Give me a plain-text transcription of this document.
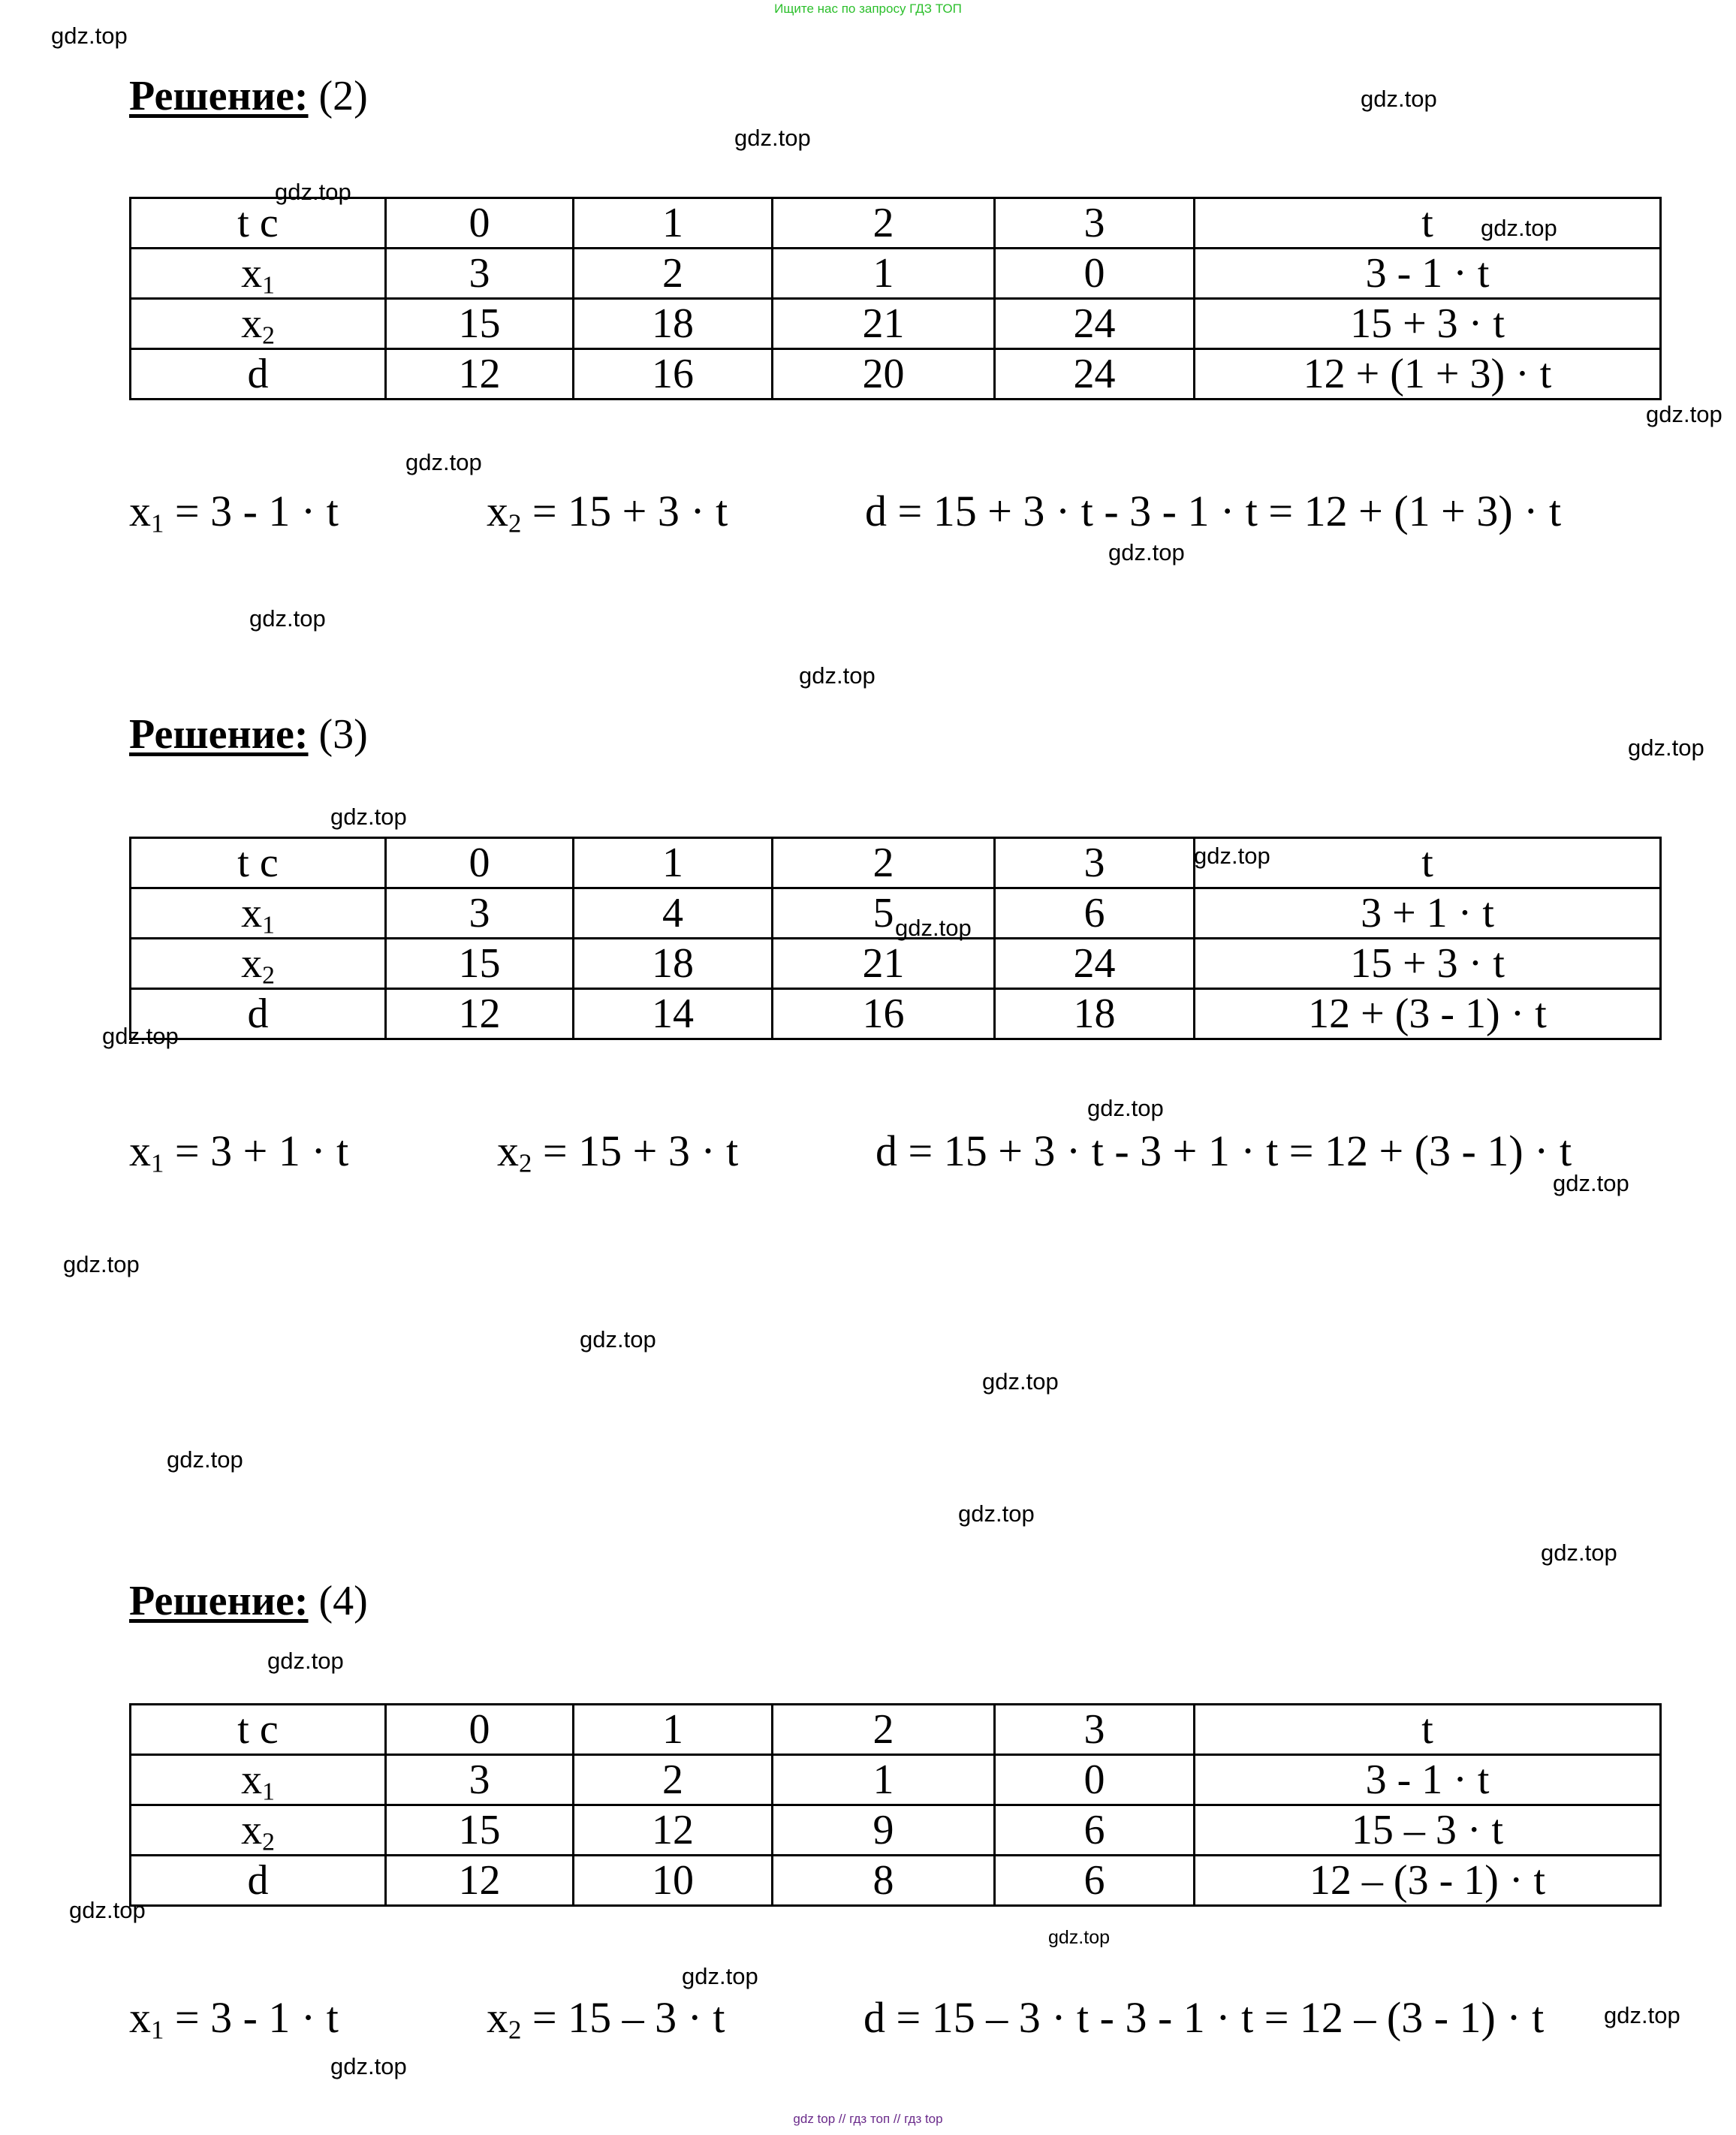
Ищите нас по запросу ГДЗ ТОП
gdz.top
gdz.top
gdz.top
gdz.top
gdz.top
gdz.top
gdz.top
gdz.top
gdz.top
gdz.top
gdz.top
gdz.top
gdz.top
gdz.top
gdz.top
gdz.top
gdz.top
gdz.top
gdz.top
gdz.top
gdz.top
gdz.top
gdz.top
gdz.top
gdz.top
gdz.top
gdz.top
gdz.top
gdz.top
Решение: (2)
t c	0	1	2	3	t
$x_1$	3	2	1	0	3 - 1 · t
$x_2$	15	18	21	24	15 + 3 · t
d	12	16	20	24	12 + (1 + 3) · t
$x_1 = 3 - 1 \cdot t$	$x_2 = 15 + 3 \cdot t$	d = 15 + 3 · t - 3 - 1 · t = 12 + (1 + 3) · t
Решение: (3)
t c	0	1	2	3	t
$x_1$	3	4	5	6	3 + 1 · t
$x_2$	15	18	21	24	15 + 3 · t
d	12	14	16	18	12 + (3 - 1) · t
$x_1 = 3 + 1 \cdot t$	$x_2 = 15 + 3 \cdot t$	d = 15 + 3 · t - 3 + 1 · t = 12 + (3 - 1) · t
Решение: (4)
t c	0	1	2	3	t
$x_1$	3	2	1	0	3 - 1 · t
$x_2$	15	12	9	6	15 – 3 · t
d	12	10	8	6	12 – (3 - 1) · t
$x_1 = 3 - 1 \cdot t$	$x_2 = 15 - 3 \cdot t$	d = 15 – 3 · t - 3 - 1 · t = 12 – (3 - 1) · t
gdz top // гдз топ // гдз top
